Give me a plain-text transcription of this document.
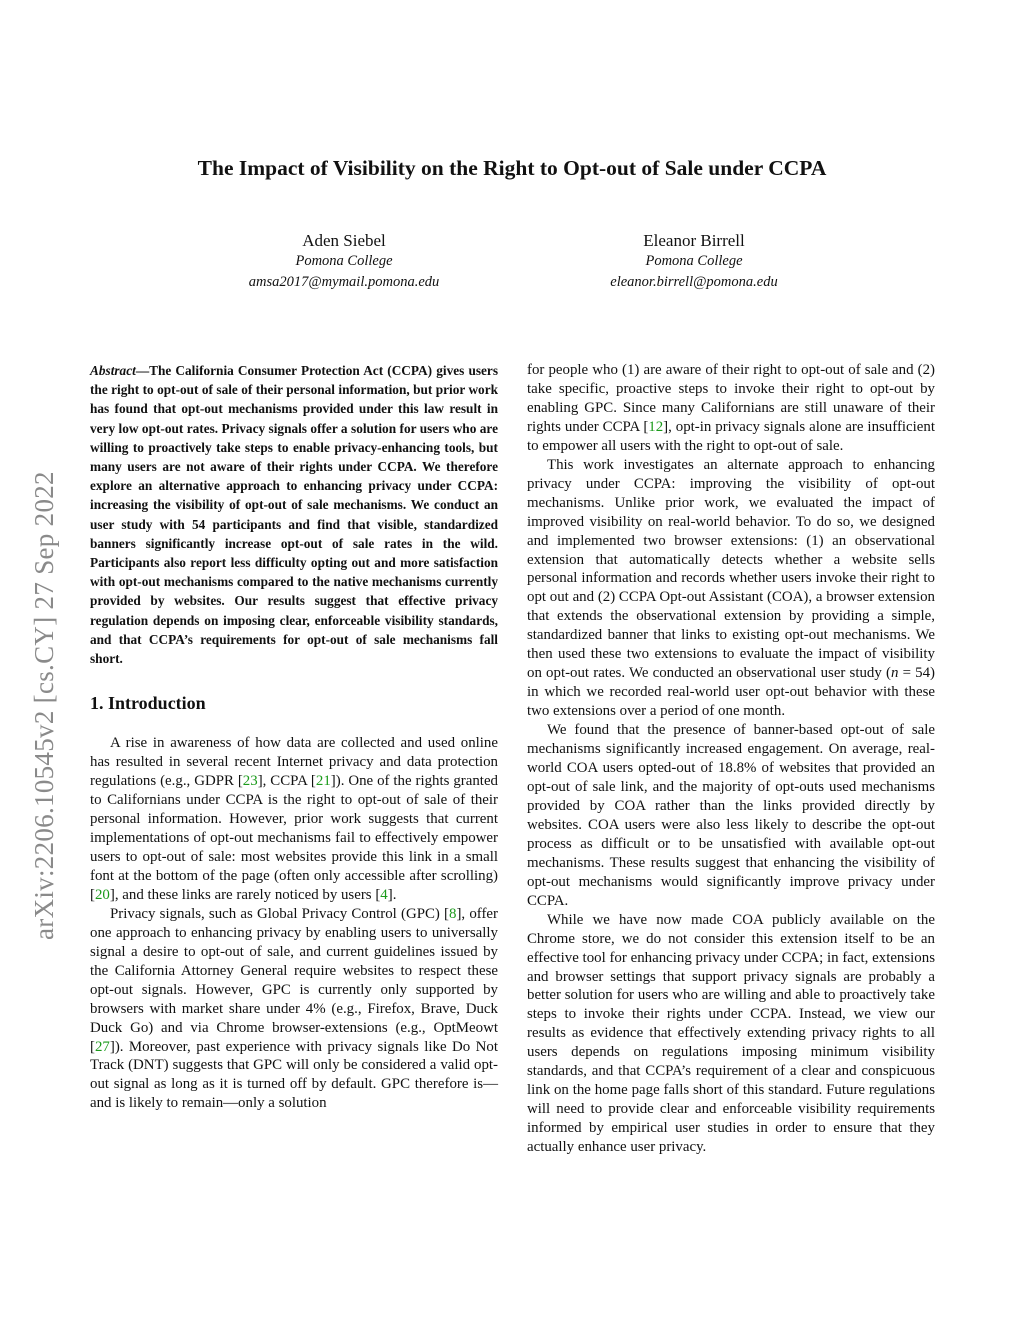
arXiv:2206.10545v2 [cs.CY] 27 Sep 2022
The Impact of Visibility on the Right to Opt-out of Sale under CCPA
Aden Siebel
Pomona College
amsa2017@mymail.pomona.edu
Eleanor Birrell
Pomona College
eleanor.birrell@pomona.edu

Abstract—The California Consumer Protection Act (CCPA) gives users the right to opt-out of sale of their personal information, but prior work has found that opt-out mechanisms provided under this law result in very low opt-out rates. Privacy signals offer a solution for users who are willing to proactively take steps to enable privacy-enhancing tools, but many users are not aware of their rights under CCPA. We therefore explore an alternative approach to enhancing privacy under CCPA: increasing the visibility of opt-out of sale mechanisms. We conduct an user study with 54 participants and find that visible, standardized banners significantly increase opt-out of sale rates in the wild. Participants also report less difficulty opting out and more satisfaction with opt-out mechanisms compared to the native mechanisms currently provided by websites. Our results suggest that effective privacy regulation depends on imposing clear, enforceable visibility standards, and that CCPA’s requirements for opt-out of sale mechanisms fall short.

1. Introduction

A rise in awareness of how data are collected and used online has resulted in several recent Internet privacy and data protection regulations (e.g., GDPR [23], CCPA [21]). One of the rights granted to Californians under CCPA is the right to opt-out of sale of their personal information. However, prior work suggests that current implementations of opt-out mechanisms fail to effectively empower users to opt-out of sale: most websites provide this link in a small font at the bottom of the page (often only accessible after scrolling) [20], and these links are rarely noticed by users [4].

Privacy signals, such as Global Privacy Control (GPC) [8], offer one approach to enhancing privacy by enabling users to universally signal a desire to opt-out of sale, and current guidelines issued by the California Attorney General require websites to respect these opt-out signals. However, GPC is currently only supported by browsers with market share under 4% (e.g., Firefox, Brave, Duck Duck Go) and via Chrome browser-extensions (e.g., OptMeowt [27]). Moreover, past experience with privacy signals like Do Not Track (DNT) suggests that GPC will only be considered a valid opt-out signal as long as it is turned off by default. GPC therefore is—and is likely to remain—only a solution

for people who (1) are aware of their right to opt-out of sale and (2) take specific, proactive steps to invoke their right to opt-out by enabling GPC. Since many Californians are still unaware of their rights under CCPA [12], opt-in privacy signals alone are insufficient to empower all users with the right to opt-out of sale.

This work investigates an alternate approach to enhancing privacy under CCPA: improving the visibility of opt-out mechanisms. Unlike prior work, we evaluated the impact of improved visibility on real-world behavior. To do so, we designed and implemented two browser extensions: (1) an observational extension that automatically detects whether a website sells personal information and records whether users invoke their right to opt out and (2) CCPA Opt-out Assistant (COA), a browser extension that extends the observational extension by providing a simple, standardized banner that links to existing opt-out mechanisms. We then used these two extensions to evaluate the impact of visibility on opt-out rates. We conducted an observational user study (n = 54) in which we recorded real-world user opt-out behavior with these two extensions over a period of one month.

We found that the presence of banner-based opt-out of sale mechanisms significantly increased engagement. On average, real-world COA users opted-out of 18.8% of websites that provided an opt-out of sale link, and the majority of opt-outs used mechanisms provided by COA rather than the links provided directly by websites. COA users were also less likely to describe the opt-out process as difficult or to be unsatisfied with available opt-out mechanisms. These results suggest that enhancing the visibility of opt-out mechanisms would significantly improve privacy under CCPA.

While we have now made COA publicly available on the Chrome store, we do not consider this extension itself to be an effective tool for enhancing privacy under CCPA; in fact, extensions and browser settings that support privacy signals are probably a better solution for users who are willing and able to proactively take steps to invoke their rights under CCPA. Instead, we view our results as evidence that effectively extending privacy rights to all users depends on regulations imposing minimum visibility standards, and that CCPA’s requirement of a clear and conspicuous link on the home page falls short of this standard. Future regulations will need to provide clear and enforceable visibility requirements informed by empirical user studies in order to ensure that they actually enhance user privacy.
